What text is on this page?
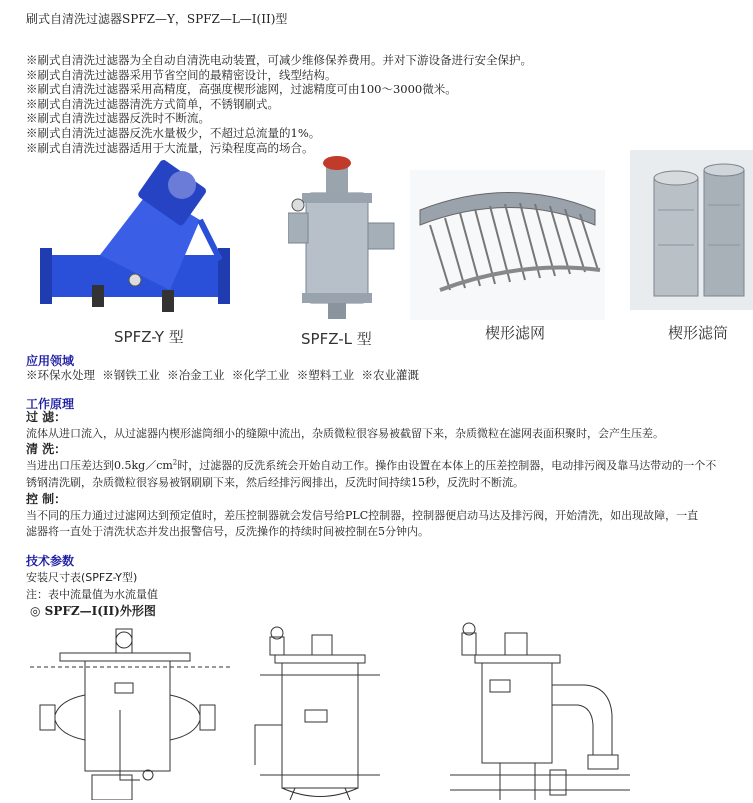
刷式自清洗过滤器SPFZ—Y，SPFZ—L—I(II)型
※刷式自清洗过滤器为全自动自清洗电动装置，可减少维修保养费用。并对下游设备进行安全保护。
※刷式自清洗过滤器采用节省空间的最精密设计，线型结构。
※刷式自清洗过滤器采用高精度，高强度楔形滤网，过滤精度可由100～3000微米。
※刷式自清洗过滤器清洗方式简单，不锈钢刷式。
※刷式自清洗过滤器反洗时不断流。
※刷式自清洗过滤器反洗水量极少，不超过总流量的1%。
※刷式自清洗过滤器适用于大流量，污染程度高的场合。
SPFZ-Y 型	SPFZ-L 型	楔形滤网	楔形滤筒
应用领域
※环保水处理  ※钢铁工业  ※冶金工业  ※化学工业  ※塑料工业  ※农业灌溉
工作原理
过 滤：
流体从进口流入，从过滤器内楔形滤筒细小的缝隙中流出，杂质微粒很容易被截留下来，杂质微粒在滤网表面积聚时，会产生压差。
清 洗：
当进出口压差达到$0.5kg/cm^2$时，过滤器的反洗系统会开始自动工作。操作由设置在本体上的压差控制器，电动排污阀及靠马达带动的一个不
锈钢清洗刷，杂质微粒很容易被钢刷刷下来，然后经排污阀排出，反洗时间持续15秒，反洗时不断流。
控 制：
当不同的压力通过过滤网达到预定值时，差压控制器就会发信号给PLC控制器，控制器便启动马达及排污阀，开始清洗，如出现故障，一直
滤器将一直处于清洗状态并发出报警信号，反洗操作的持续时间被控制在5分钟内。
技术参数
安装尺寸表(SPFZ-Y型)
注：表中流量值为水流量值
◎ SPFZ—I(II)外形图
